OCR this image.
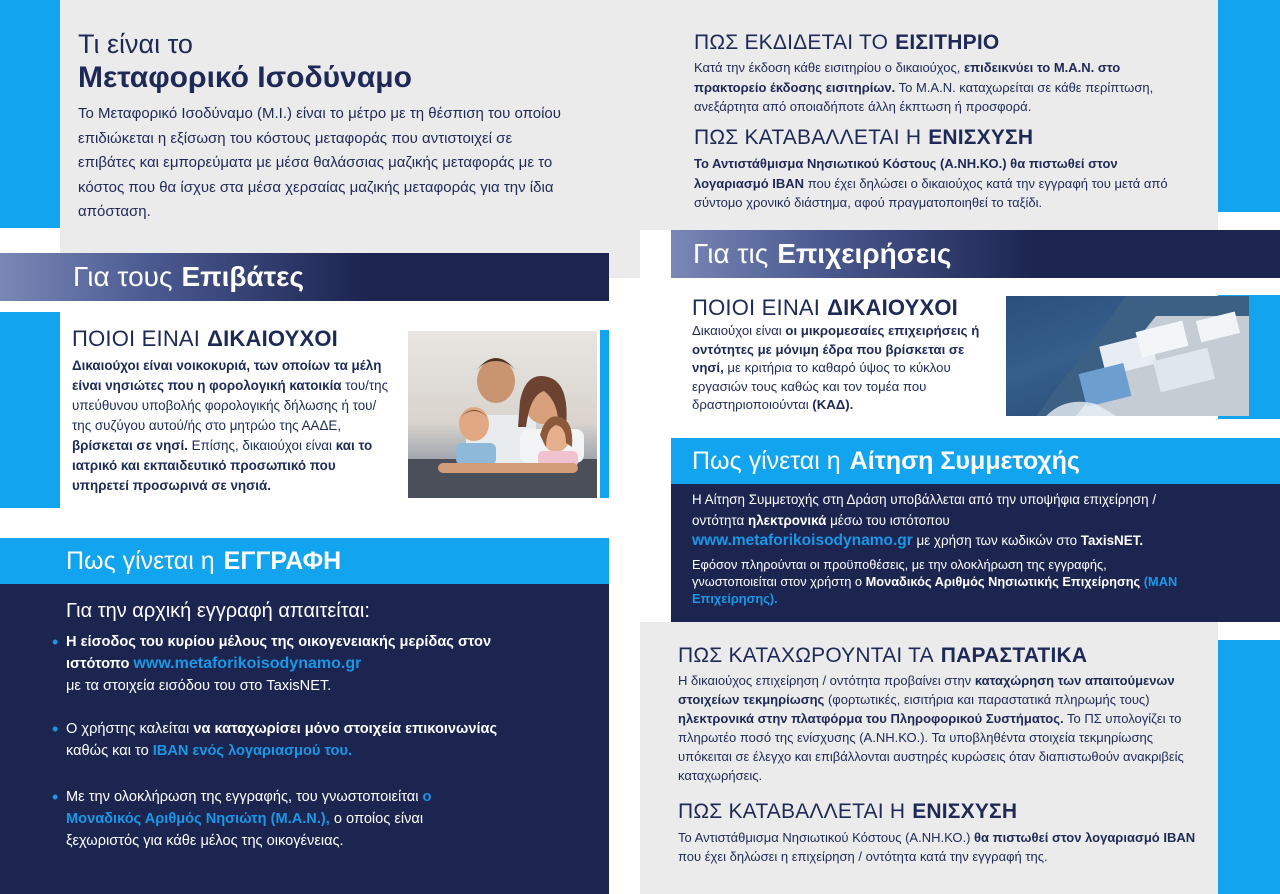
Τι είναι το
Μεταφορικό Ισοδύναμο
Το Μεταφορικό Ισοδύναμο (Μ.Ι.) είναι το μέτρο με τη θέσπιση του οποίου επιδιώκεται η εξίσωση του κόστους μεταφοράς που αντιστοιχεί σε επιβάτες και εμπορεύματα με μέσα θαλάσσιας μαζικής μεταφοράς με το κόστος που θα ίσχυε στα μέσα χερσαίας μαζικής μεταφοράς για την ίδια απόσταση.
Για τους Επιβάτες
ΠΟΙΟΙ ΕΙΝΑΙ ΔΙΚΑΙΟΥΧΟΙ
Δικαιούχοι είναι νοικοκυριά, των οποίων τα μέλη είναι νησιώτες που η φορολογική κατοικία του/της υπεύθυνου υποβολής φορολογικής δήλωσης ή του/της συζύγου αυτού/ής στο μητρώο της ΑΑΔΕ, βρίσκεται σε νησί. Επίσης, δικαιούχοι είναι και το ιατρικό και εκπαιδευτικό προσωπικό που υπηρετεί προσωρινά σε νησιά.
Πως γίνεται η ΕΓΓΡΑΦΗ
Για την αρχική εγγραφή απαιτείται:
• Η είσοδος του κυρίου μέλους της οικογενειακής μερίδας στον ιστότοπο www.metaforikoisodynamo.gr
με τα στοιχεία εισόδου του στο TaxisNET.
• Ο χρήστης καλείται να καταχωρίσει μόνο στοιχεία επικοινωνίας
καθώς και το IBAN ενός λογαριασμού του.
• Με την ολοκλήρωση της εγγραφής, του γνωστοποιείται ο Μοναδικός Αριθμός Νησιώτη (Μ.Α.Ν.), ο οποίος είναι ξεχωριστός για κάθε μέλος της οικογένειας.
ΠΩΣ ΕΚΔΙΔΕΤΑΙ ΤΟ ΕΙΣΙΤΗΡΙΟ
Κατά την έκδοση κάθε εισιτηρίου ο δικαιούχος, επιδεικνύει το Μ.Α.Ν. στο πρακτορείο έκδοσης εισιτηρίων. Το Μ.Α.Ν. καταχωρείται σε κάθε περίπτωση, ανεξάρτητα από οποιαδήποτε άλλη έκπτωση ή προσφορά.
ΠΩΣ ΚΑΤΑΒΑΛΛΕΤΑΙ Η ΕΝΙΣΧΥΣΗ
Το Αντιστάθμισμα Νησιωτικού Κόστους (Α.ΝΗ.ΚΟ.) θα πιστωθεί στον λογαριασμό IBAN που έχει δηλώσει ο δικαιούχος κατά την εγγραφή του μετά από σύντομο χρονικό διάστημα, αφού πραγματοποιηθεί το ταξίδι.
Για τις Επιχειρήσεις
ΠΟΙΟΙ ΕΙΝΑΙ ΔΙΚΑΙΟΥΧΟΙ
Δικαιούχοι είναι οι μικρομεσαίες επιχειρήσεις ή οντότητες με μόνιμη έδρα που βρίσκεται σε νησί, με κριτήρια το καθαρό ύψος το κύκλου εργασιών τους καθώς και τον τομέα που δραστηριοποιούνται (ΚΑΔ).
Πως γίνεται η Αίτηση Συμμετοχής
Η Αίτηση Συμμετοχής στη Δράση υποβάλλεται από την υποψήφια επιχείρηση / οντότητα ηλεκτρονικά μέσω του ιστότοπου
www.metaforikoisodynamo.gr με χρήση των κωδικών στο TaxisNET.
Εφόσον πληρούνται οι προϋποθέσεις, με την ολοκλήρωση της εγγραφής, γνωστοποιείται στον χρήστη ο Μοναδικός Αριθμός Νησιωτικής Επιχείρησης (ΜΑΝ Επιχείρησης).
ΠΩΣ ΚΑΤΑΧΩΡΟΥΝΤΑΙ ΤΑ ΠΑΡΑΣΤΑΤΙΚΑ
Η δικαιούχος επιχείρηση / οντότητα προβαίνει στην καταχώρηση των απαιτούμενων στοιχείων τεκμηρίωσης (φορτωτικές, εισιτήρια και παραστατικά πληρωμής τους) ηλεκτρονικά στην πλατφόρμα του Πληροφορικού Συστήματος. Το ΠΣ υπολογίζει το πληρωτέο ποσό της ενίσχυσης (Α.ΝΗ.ΚΟ.). Τα υποβληθέντα στοιχεία τεκμηρίωσης υπόκειται σε έλεγχο και επιβάλλονται αυστηρές κυρώσεις όταν διαπιστωθούν ανακριβείς καταχωρήσεις.
ΠΩΣ ΚΑΤΑΒΑΛΛΕΤΑΙ Η ΕΝΙΣΧΥΣΗ
Το Αντιστάθμισμα Νησιωτικού Κόστους (Α.ΝΗ.ΚΟ.) θα πιστωθεί στον λογαριασμό IBAN που έχει δηλώσει η επιχείρηση / οντότητα κατά την εγγραφή της.
